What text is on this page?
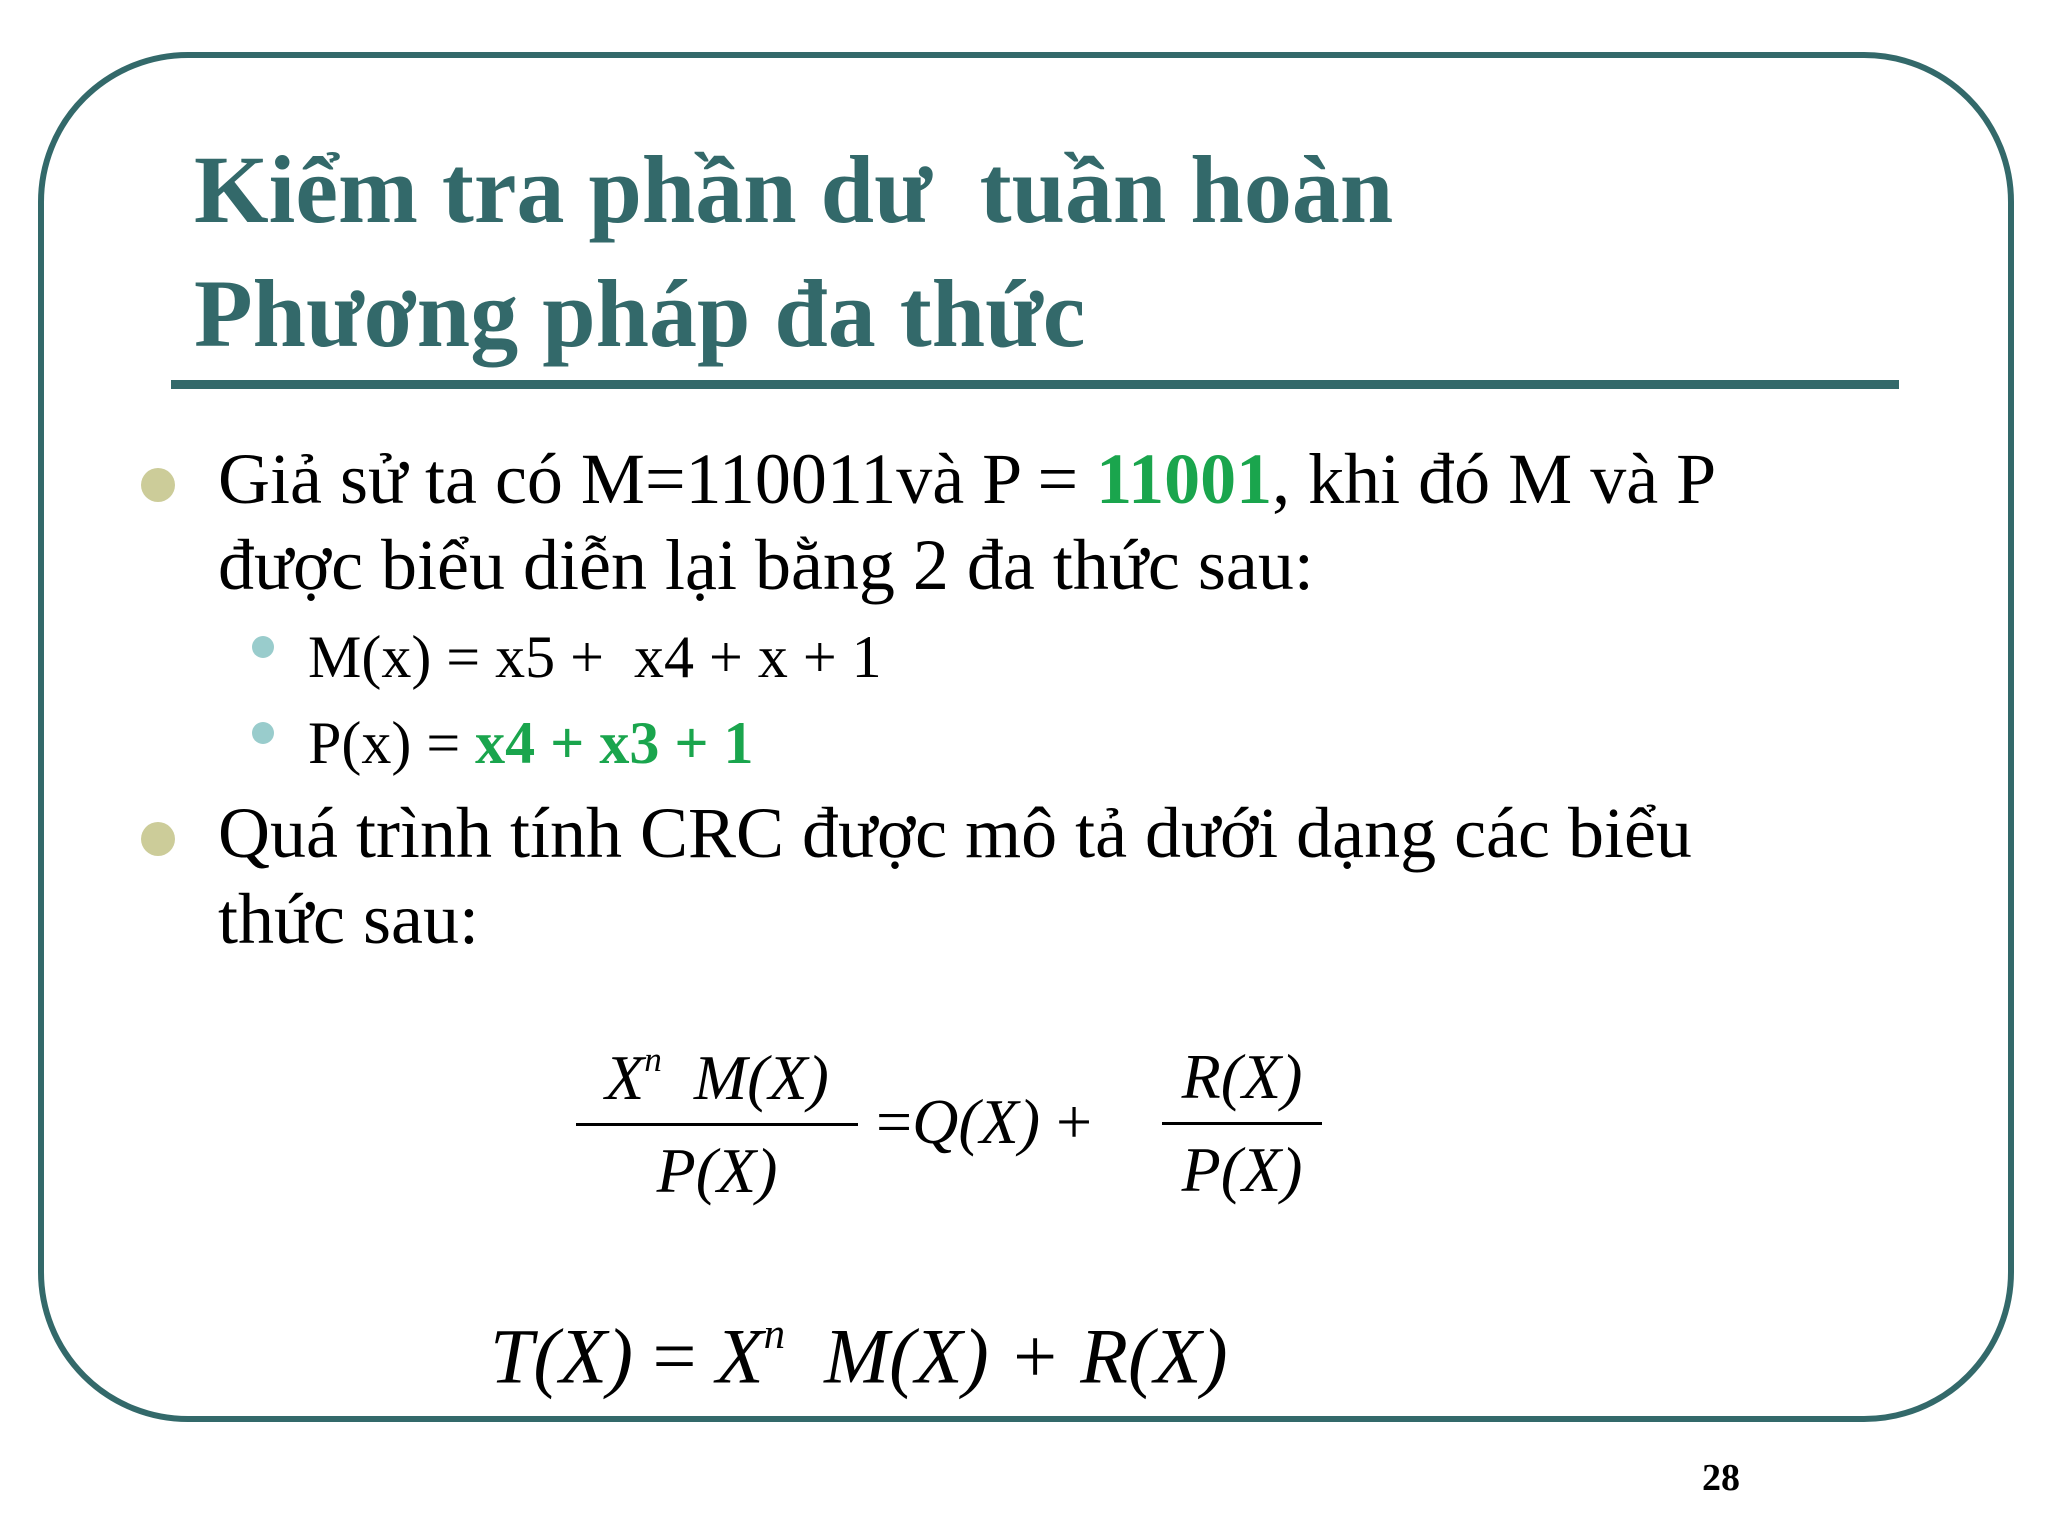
Kiểm tra phần dư  tuần hoàn
Phương pháp đa thức
Giả sử ta có M=110011và P = 11001, khi đó M và P
được biểu diễn lại bằng 2 đa thức sau:
M(x) = x5 +  x4 + x + 1
P(x) = x4 + x3 + 1
Quá trình tính CRC được mô tả dưới dạng các biểu
thức sau:
$X^n$  M(X)
P(X)
=Q(X) +
R(X)
P(X)
$T(X) = X^n$  M(X) + R(X)
28
